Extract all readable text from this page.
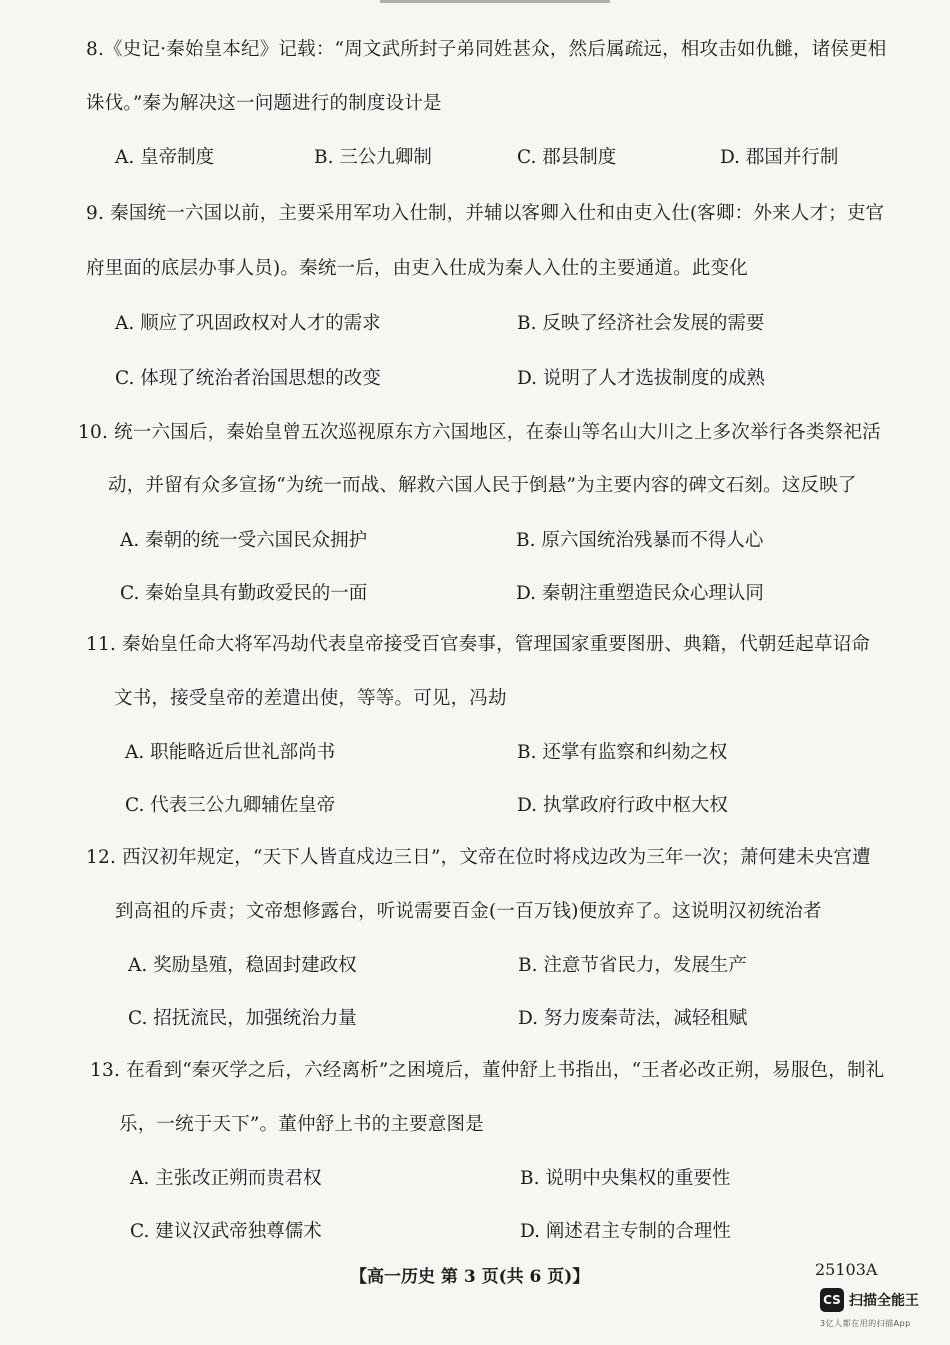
8.《史记·秦始皇本纪》记载：“周文武所封子弟同姓甚众，然后属疏远，相攻击如仇雠，诸侯更相
诛伐。”秦为解决这一问题进行的制度设计是
A. 皇帝制度	B. 三公九卿制	C. 郡县制度	D. 郡国并行制
9. 秦国统一六国以前，主要采用军功入仕制，并辅以客卿入仕和由吏入仕(客卿：外来人才；吏官
府里面的底层办事人员)。秦统一后，由吏入仕成为秦人入仕的主要通道。此变化
A. 顺应了巩固政权对人才的需求	B. 反映了经济社会发展的需要
C. 体现了统治者治国思想的改变	D. 说明了人才选拔制度的成熟
10. 统一六国后，秦始皇曾五次巡视原东方六国地区，在泰山等名山大川之上多次举行各类祭祀活
动，并留有众多宣扬“为统一而战、解救六国人民于倒悬”为主要内容的碑文石刻。这反映了
A. 秦朝的统一受六国民众拥护	B. 原六国统治残暴而不得人心
C. 秦始皇具有勤政爱民的一面	D. 秦朝注重塑造民众心理认同
11. 秦始皇任命大将军冯劫代表皇帝接受百官奏事，管理国家重要图册、典籍，代朝廷起草诏命
文书，接受皇帝的差遣出使，等等。可见，冯劫
A. 职能略近后世礼部尚书	B. 还掌有监察和纠劾之权
C. 代表三公九卿辅佐皇帝	D. 执掌政府行政中枢大权
12. 西汉初年规定，“天下人皆直戍边三日”，文帝在位时将戍边改为三年一次；萧何建未央宫遭
到高祖的斥责；文帝想修露台，听说需要百金(一百万钱)便放弃了。这说明汉初统治者
A. 奖励垦殖，稳固封建政权	B. 注意节省民力，发展生产
C. 招抚流民，加强统治力量	D. 努力废秦苛法，减轻租赋
13. 在看到“秦灭学之后，六经离析”之困境后，董仲舒上书指出，“王者必改正朔，易服色，制礼
乐，一统于天下”。董仲舒上书的主要意图是
A. 主张改正朔而贵君权	B. 说明中央集权的重要性
C. 建议汉武帝独尊儒术	D. 阐述君主专制的合理性
【高一历史 第 3 页(共 6 页)】	25103A
CS 扫描全能王
3亿人都在用的扫描App
